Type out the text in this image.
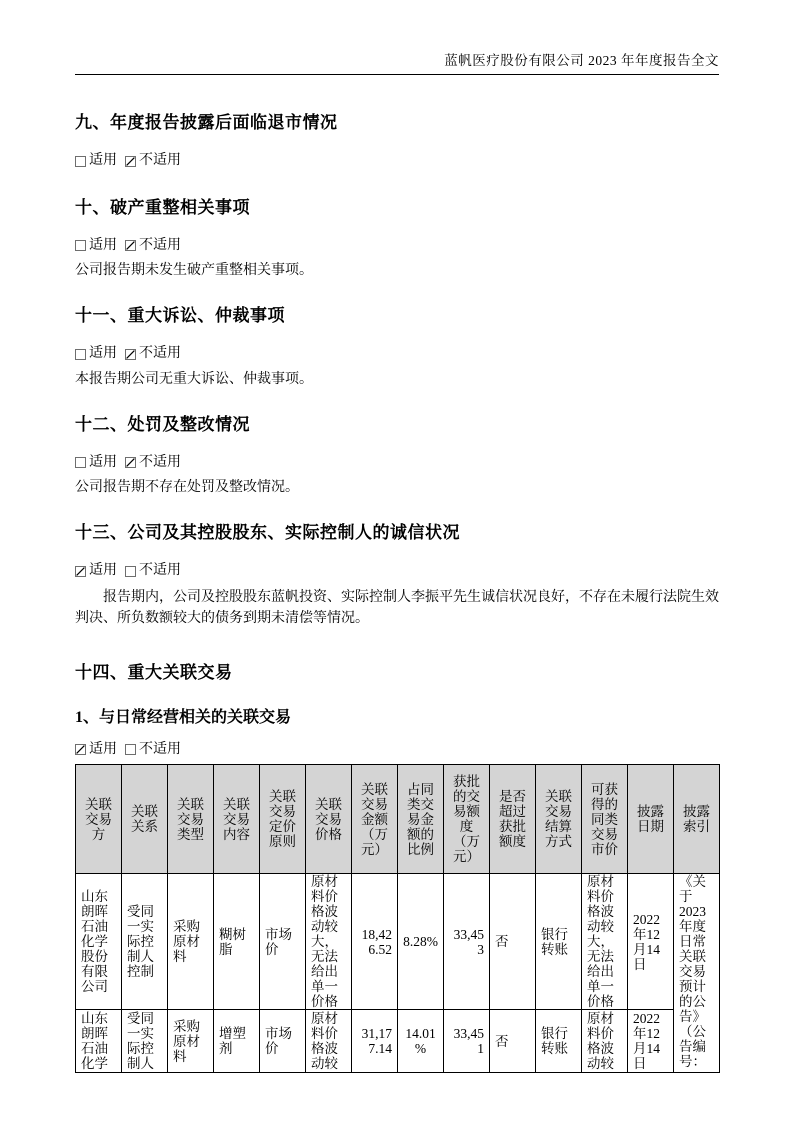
蓝帆医疗股份有限公司 2023 年年度报告全文
九、年度报告披露后面临退市情况
适用 不适用
十、破产重整相关事项
适用 不适用

公司报告期未发生破产重整相关事项。

十一、重大诉讼、仲裁事项
适用 不适用

本报告期公司无重大诉讼、仲裁事项。

十二、处罚及整改情况
适用 不适用

公司报告期不存在处罚及整改情况。

十三、公司及其控股股东、实际控制人的诚信状况
适用 不适用

报告期内，公司及控股股东蓝帆投资、实际控制人李振平先生诚信状况良好，不存在未履行法院生效判决、所负数额较大的债务到期未清偿等情况。

十四、重大关联交易
1、与日常经营相关的关联交易
适用 不适用
关联交易方	关联关系	关联交易类型	关联交易内容	关联交易定价原则	关联交易价格	关联交易金额（万元）	占同类交易金额的比例	获批的交易额度（万元）	是否超过获批额度	关联交易结算方式	可获得的同类交易市价	披露日期	披露索引
山东朗晖石油化学股份有限公司	受同一实际控制人控制	采购原材料	糊树脂	市场价	原材料价格波动较大，无法给出单一价格	18,426.52	8.28%	33,453	否	银行转账	原材料价格波动较大，无法给出单一价格	2022年12月14日	《关于2023年度日常关联交易预计的公告》（公告编号：
山东朗晖石油化学	受同一实际控制人	采购原材料	增塑剂	市场价	原材料价格波动较	31,177.14	14.01%	33,451	否	银行转账	原材料价格波动较	2022年12月14日	
